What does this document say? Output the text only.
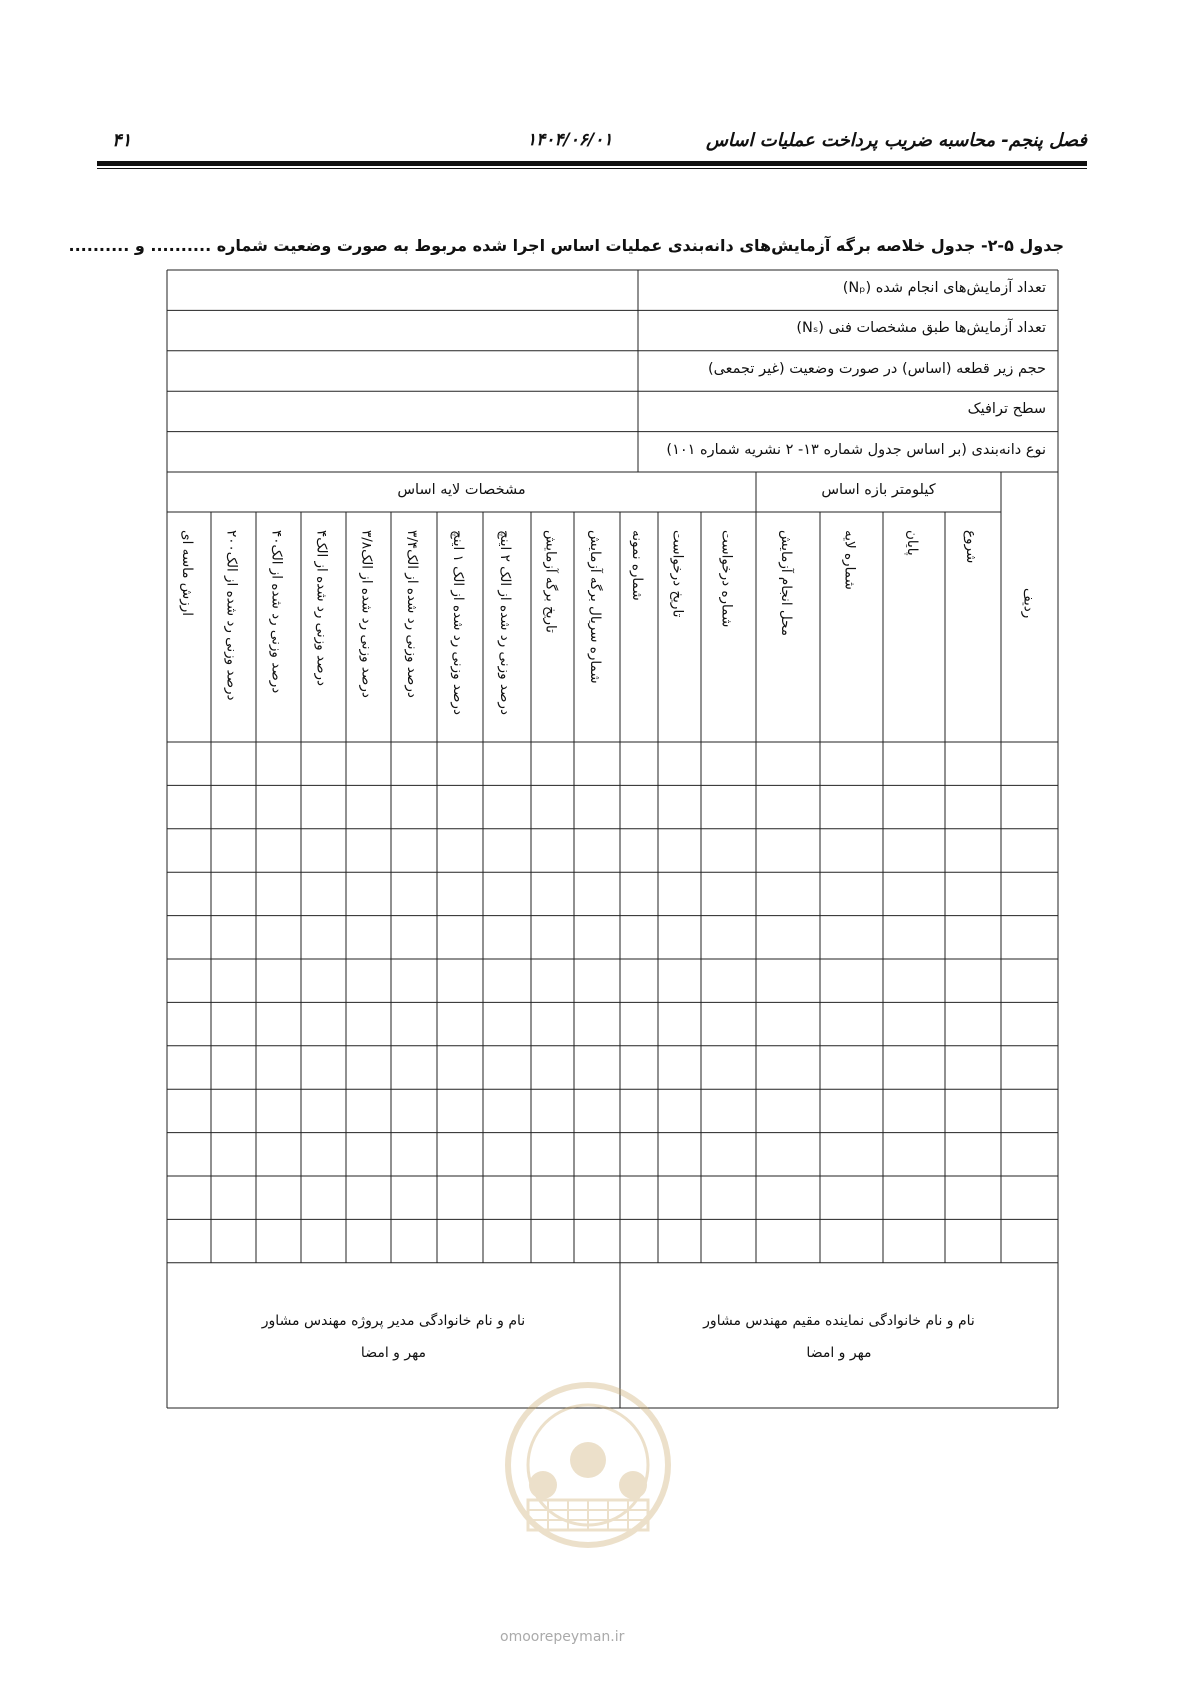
فصل پنجم- محاسبه ضریب پرداخت عملیات اساس
۱۴۰۴/۰۶/۰۱
۴۱
جدول ۵-۲- جدول خلاصه برگه آزمایش‌های دانه‌بندی عملیات اساس اجرا شده مربوط به صورت وضعیت شماره .......... و ..........
تعداد آزمایش‌های انجام شده (Nₚ)
تعداد آزمایش‌ها طبق مشخصات فنی (Nₛ)
حجم زیر قطعه (اساس) در صورت وضعیت (غیر تجمعی)
سطح ترافیک
نوع دانه‌بندی (بر اساس جدول شماره ۱۳- ۲ نشریه شماره ۱۰۱)
کیلومتر بازه اساس
مشخصات لایه اساس
ردیف
شروع
پایان
شماره لایه
محل انجام آزمایش
شماره درخواست
تاریخ درخواست
شماره نمونه
شماره سریال برگه آزمایش
تاریخ برگه آزمایش
درصد وزنی رد شده از الک ۲ اینچ
درصد وزنی رد شده از الک ۱ اینچ
درصد وزنی رد شده از الک۳/۴
درصد وزنی رد شده از الک۳/۸
درصد وزنی رد شده از الک۴
درصد وزنی رد شده از الک۴۰
درصد وزنی رد شده از الک۲۰۰
ارزش ماسه ای
نام و نام خانوادگی نماینده مقیم مهندس مشاور
مهر و امضا
نام و نام خانوادگی مدیر پروژه مهندس مشاور
مهر و امضا
omoorepeyman.ir
